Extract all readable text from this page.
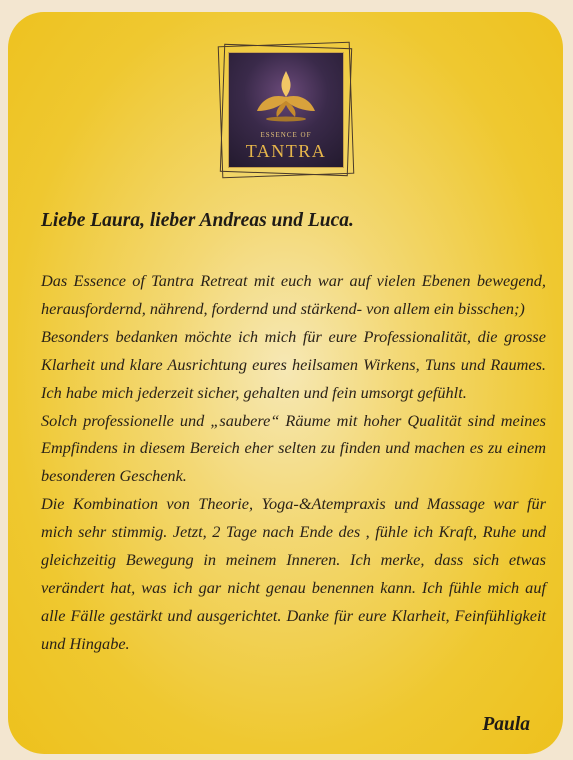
ESSENCE OF
TANTRA
Liebe Laura, lieber Andreas und Luca.

Das Essence of Tantra Retreat mit euch war auf vielen Ebenen bewegend, herausfordernd, nährend, fordernd und stärkend- von allem ein bisschen;)

Besonders bedanken möchte ich mich für eure Professionalität, die grosse Klarheit und klare Ausrichtung eures heilsamen Wirkens, Tuns und Raumes. Ich habe mich jederzeit sicher, gehalten und fein umsorgt gefühlt.

Solch professionelle und „saubere“ Räume mit hoher Qualität sind meines Empfindens in diesem Bereich eher selten zu finden und machen es zu einem besonderen Geschenk.

Die Kombination von Theorie, Yoga-&Atempraxis und Massage war für mich sehr stimmig. Jetzt, 2 Tage nach Ende des , fühle ich Kraft, Ruhe und gleichzeitig Bewegung in meinem Inneren. Ich merke, dass sich etwas verändert hat, was ich gar nicht genau benennen kann. Ich fühle mich auf alle Fälle gestärkt und ausgerichtet. Danke für eure Klarheit, Feinfühligkeit und Hingabe.

Paula
